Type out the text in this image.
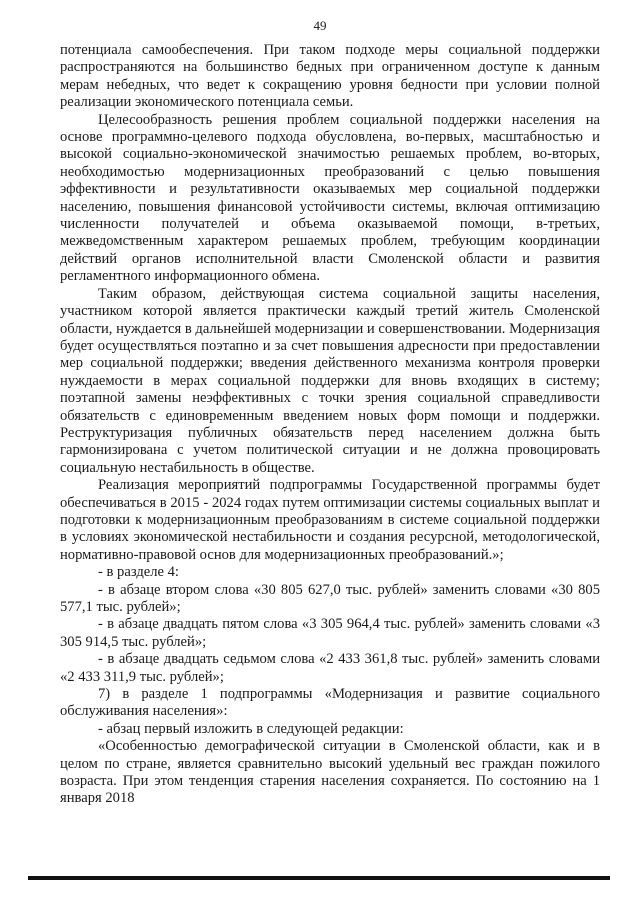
49

потенциала самообеспечения. При таком подходе меры социальной поддержки распространяются на большинство бедных при ограниченном доступе к данным мерам небедных, что ведет к сокращению уровня бедности при условии полной реализации экономического потенциала семьи.

Целесообразность решения проблем социальной поддержки населения на основе программно-целевого подхода обусловлена, во-первых, масштабностью и высокой социально-экономической значимостью решаемых проблем, во-вторых, необходимостью модернизационных преобразований с целью повышения эффективности и результативности оказываемых мер социальной поддержки населению, повышения финансовой устойчивости системы, включая оптимизацию численности получателей и объема оказываемой помощи, в-третьих, межведомственным характером решаемых проблем, требующим координации действий органов исполнительной власти Смоленской области и развития регламентного информационного обмена.

Таким образом, действующая система социальной защиты населения, участником которой является практически каждый третий житель Смоленской области, нуждается в дальнейшей модернизации и совершенствовании. Модернизация будет осуществляться поэтапно и за счет повышения адресности при предоставлении мер социальной поддержки; введения действенного механизма контроля проверки нуждаемости в мерах социальной поддержки для вновь входящих в систему; поэтапной замены неэффективных с точки зрения социальной справедливости обязательств с единовременным введением новых форм помощи и поддержки. Реструктуризация публичных обязательств перед населением должна быть гармонизирована с учетом политической ситуации и не должна провоцировать социальную нестабильность в обществе.

Реализация мероприятий подпрограммы Государственной программы будет обеспечиваться в 2015 - 2024 годах путем оптимизации системы социальных выплат и подготовки к модернизационным преобразованиям в системе социальной поддержки в условиях экономической нестабильности и создания ресурсной, методологической, нормативно-правовой основ для модернизационных преобразований.»;

- в разделе 4:

- в абзаце втором слова «30 805 627,0 тыс. рублей» заменить словами «30 805 577,1 тыс. рублей»;

- в абзаце двадцать пятом слова «3 305 964,4 тыс. рублей» заменить словами «3 305 914,5 тыс. рублей»;

- в абзаце двадцать седьмом слова «2 433 361,8 тыс. рублей» заменить словами «2 433 311,9 тыс. рублей»;

7) в разделе 1 подпрограммы «Модернизация и развитие социального обслуживания населения»:

- абзац первый изложить в следующей редакции:

«Особенностью демографической ситуации в Смоленской области, как и в целом по стране, является сравнительно высокий удельный вес граждан пожилого возраста. При этом тенденция старения населения сохраняется. По состоянию на 1 января 2018
